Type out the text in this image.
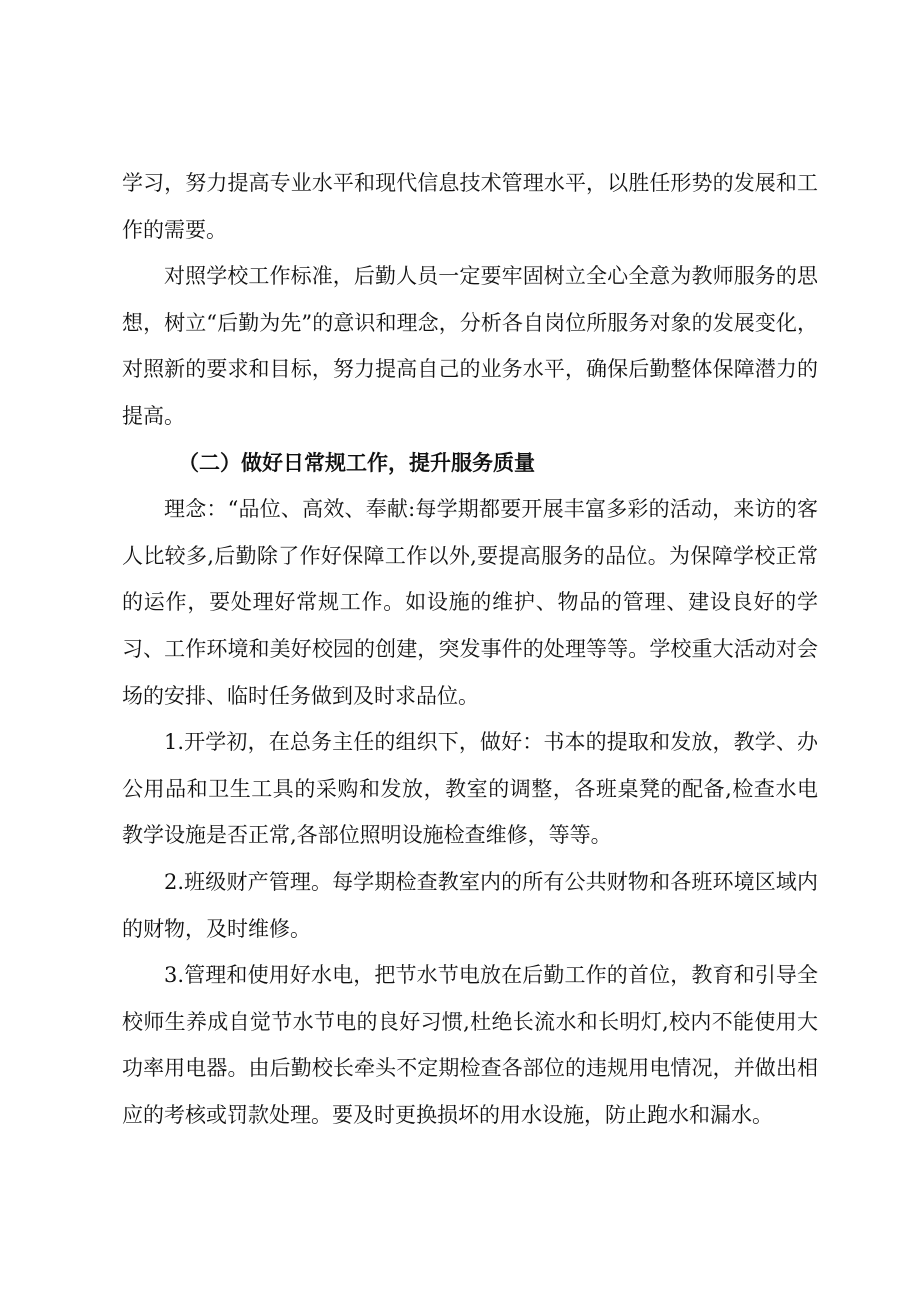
学习，努力提高专业水平和现代信息技术管理水平，以胜任形势的发展和工作的需要。

对照学校工作标准，后勤人员一定要牢固树立全心全意为教师服务的思想，树立“后勤为先”的意识和理念，分析各自岗位所服务对象的发展变化，对照新的要求和目标，努力提高自己的业务水平，确保后勤整体保障潜力的提高。

（二）做好日常规工作，提升服务质量

理念：“品位、高效、奉献:每学期都要开展丰富多彩的活动，来访的客人比较多,后勤除了作好保障工作以外,要提高服务的品位。为保障学校正常的运作，要处理好常规工作。如设施的维护、物品的管理、建设良好的学习、工作环境和美好校园的创建，突发事件的处理等等。学校重大活动对会场的安排、临时任务做到及时求品位。

1.开学初，在总务主任的组织下，做好：书本的提取和发放，教学、办公用品和卫生工具的采购和发放，教室的调整，各班桌凳的配备,检查水电教学设施是否正常,各部位照明设施检查维修，等等。

2.班级财产管理。每学期检查教室内的所有公共财物和各班环境区域内的财物，及时维修。

3.管理和使用好水电，把节水节电放在后勤工作的首位，教育和引导全校师生养成自觉节水节电的良好习惯,杜绝长流水和长明灯,校内不能使用大功率用电器。由后勤校长牵头不定期检查各部位的违规用电情况，并做出相应的考核或罚款处理。要及时更换损坏的用水设施，防止跑水和漏水。
